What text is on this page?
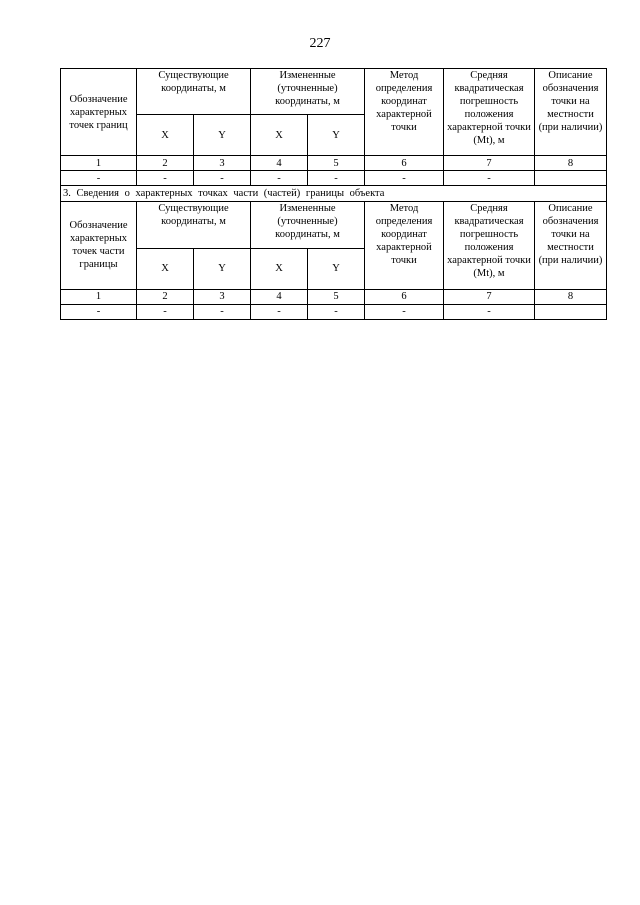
227
Обозначение характерных точек границ	Существующие координаты, м		Измененные (уточненные) координаты, м		Метод определения координат характерной точки	Средняя квадратическая погрешность положения характерной точки (Mt), м	Описание обозначения точки на местности (при наличии)
	X	Y	X	Y			
1	2	3	4	5	6	7	8
-	-	-	-	-	-	-	
3. Сведения о характерных точках части (частей) границы объекта							
Обозначение характерных точек части границы	Существующие координаты, м		Измененные (уточненные) координаты, м		Метод определения координат характерной точки	Средняя квадратическая погрешность положения характерной точки (Mt), м	Описание обозначения точки на местности (при наличии)
	X	Y	X	Y			
1	2	3	4	5	6	7	8
-	-	-	-	-	-	-	
